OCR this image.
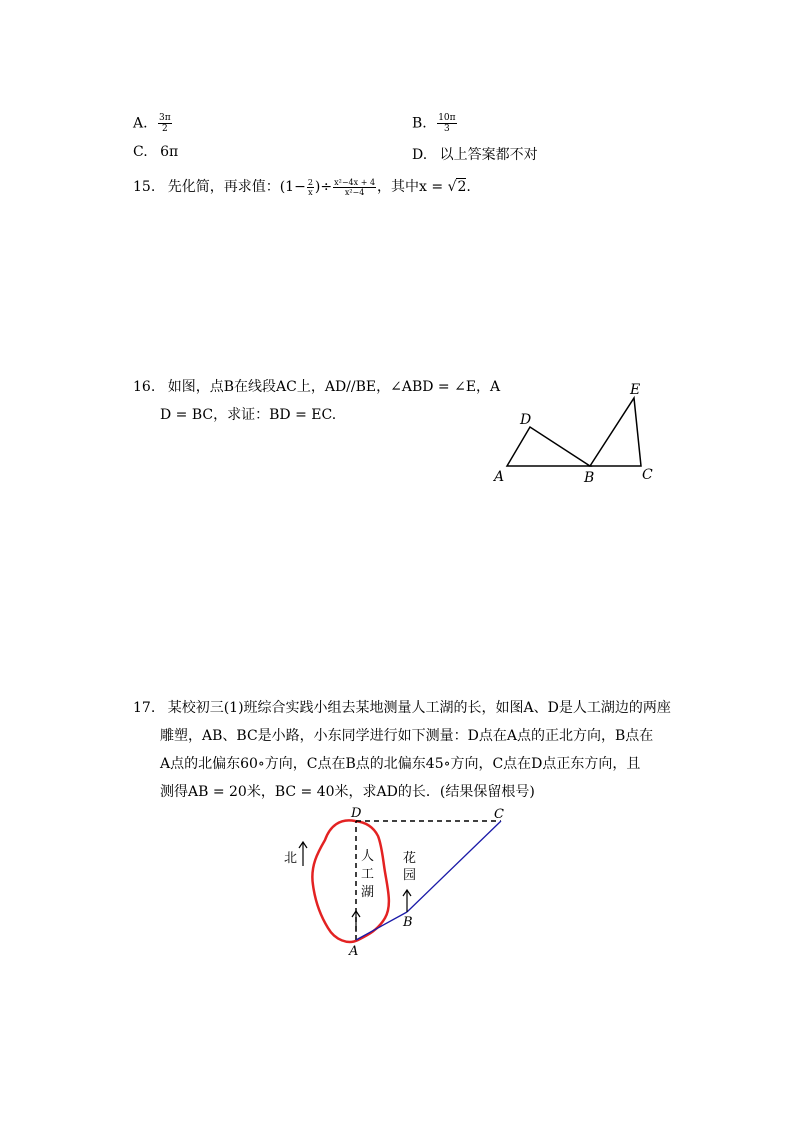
A. $\frac{3\pi}{2}$	B. $\frac{10\pi}{3}$
C. 6π	D. 以上答案都不对
15. 先化简，再求值：($1- \frac{2}{x}$ )÷ $\frac{\text{x²−4x + 4}}{\text{x²−4}}$ ，其中x = √2.
16. 如图，点B在线段AC上，AD//BE，∠ABD = ∠E，A
D = BC，求证：BD = EC.
A	B	C
D
E
17. 某校初三(1)班综合实践小组去某地测量人工湖的长，如图A、D是人工湖边的两座
雕塑，AB、BC是小路，小东同学进行如下测量：D点在A点的正北方向，B点在
A点的北偏东60∘方向，C点在B点的北偏东45∘方向，C点在D点正东方向，且
测得AB = 20米，BC = 40米，求AD的长．(结果保留根号)
北	人
工
湖
花
园
D	C
B
A
